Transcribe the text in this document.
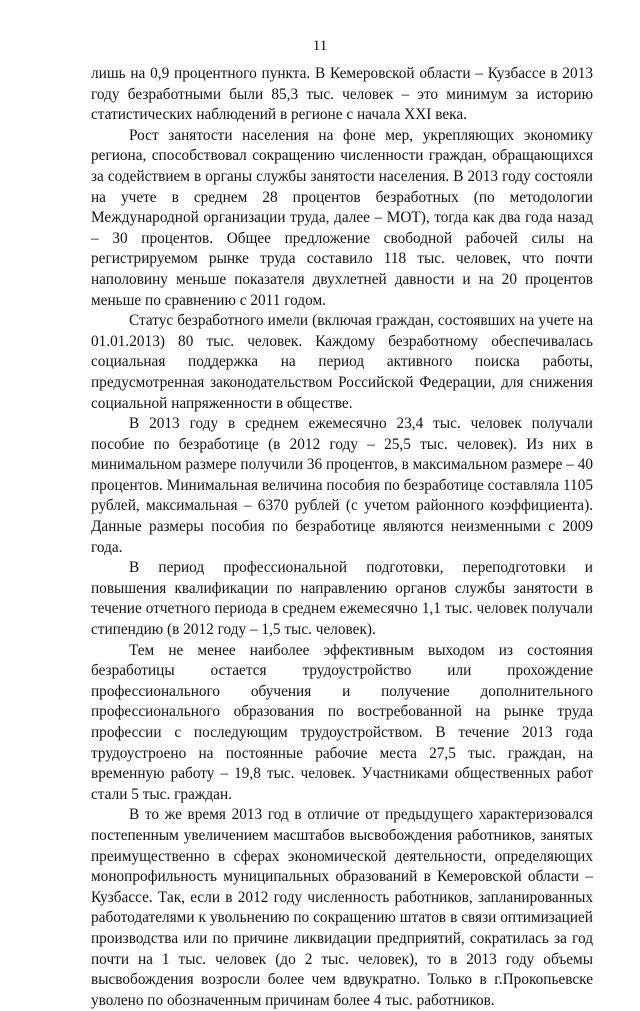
11

лишь на 0,9 процентного пункта. В Кемеровской области – Кузбассе в 2013 году безработными были 85,3 тыс. человек – это минимум за историю статистических наблюдений в регионе с начала XXI века.

Рост занятости населения на фоне мер, укрепляющих экономику региона, способствовал сокращению численности граждан, обращающихся за содействием в органы службы занятости населения. В 2013 году состояли на учете в среднем 28 процентов безработных (по методологии Международной организации труда, далее – МОТ), тогда как два года назад – 30 процентов. Общее предложение свободной рабочей силы на регистрируемом рынке труда составило 118 тыс. человек, что почти наполовину меньше показателя двухлетней давности и на 20 процентов меньше по сравнению с 2011 годом.

Статус безработного имели (включая граждан, состоявших на учете на 01.01.2013) 80 тыс. человек. Каждому безработному обеспечивалась социальная поддержка на период активного поиска работы, предусмотренная законодательством Российской Федерации, для снижения социальной напряженности в обществе.

В 2013 году в среднем ежемесячно 23,4 тыс. человек получали пособие по безработице (в 2012 году – 25,5 тыс. человек). Из них в минимальном размере получили 36 процентов, в максимальном размере – 40 процентов. Минимальная величина пособия по безработице составляла 1105 рублей, максимальная – 6370 рублей (с учетом районного коэффициента). Данные размеры пособия по безработице являются неизменными с 2009 года.

В период профессиональной подготовки, переподготовки и повышения квалификации по направлению органов службы занятости в течение отчетного периода в среднем ежемесячно 1,1 тыс. человек получали стипендию (в 2012 году – 1,5 тыс. человек).

Тем не менее наиболее эффективным выходом из состояния безработицы остается трудоустройство или прохождение профессионального обучения и получение дополнительного профессионального образования по востребованной на рынке труда профессии с последующим трудоустройством. В течение 2013 года трудоустроено на постоянные рабочие места 27,5 тыс. граждан, на временную работу – 19,8 тыс. человек. Участниками общественных работ стали 5 тыс. граждан.

В то же время 2013 год в отличие от предыдущего характеризовался постепенным увеличением масштабов высвобождения работников, занятых преимущественно в сферах экономической деятельности, определяющих монопрофильность муниципальных образований в Кемеровской области – Кузбассе. Так, если в 2012 году численность работников, запланированных работодателями к увольнению по сокращению штатов в связи оптимизацией производства или по причине ликвидации предприятий, сократилась за год почти на 1 тыс. человек (до 2 тыс. человек), то в 2013 году объемы высвобождения возросли более чем вдвукратно. Только в г.Прокопьевске уволено по обозначенным причинам более 4 тыс. работников.
